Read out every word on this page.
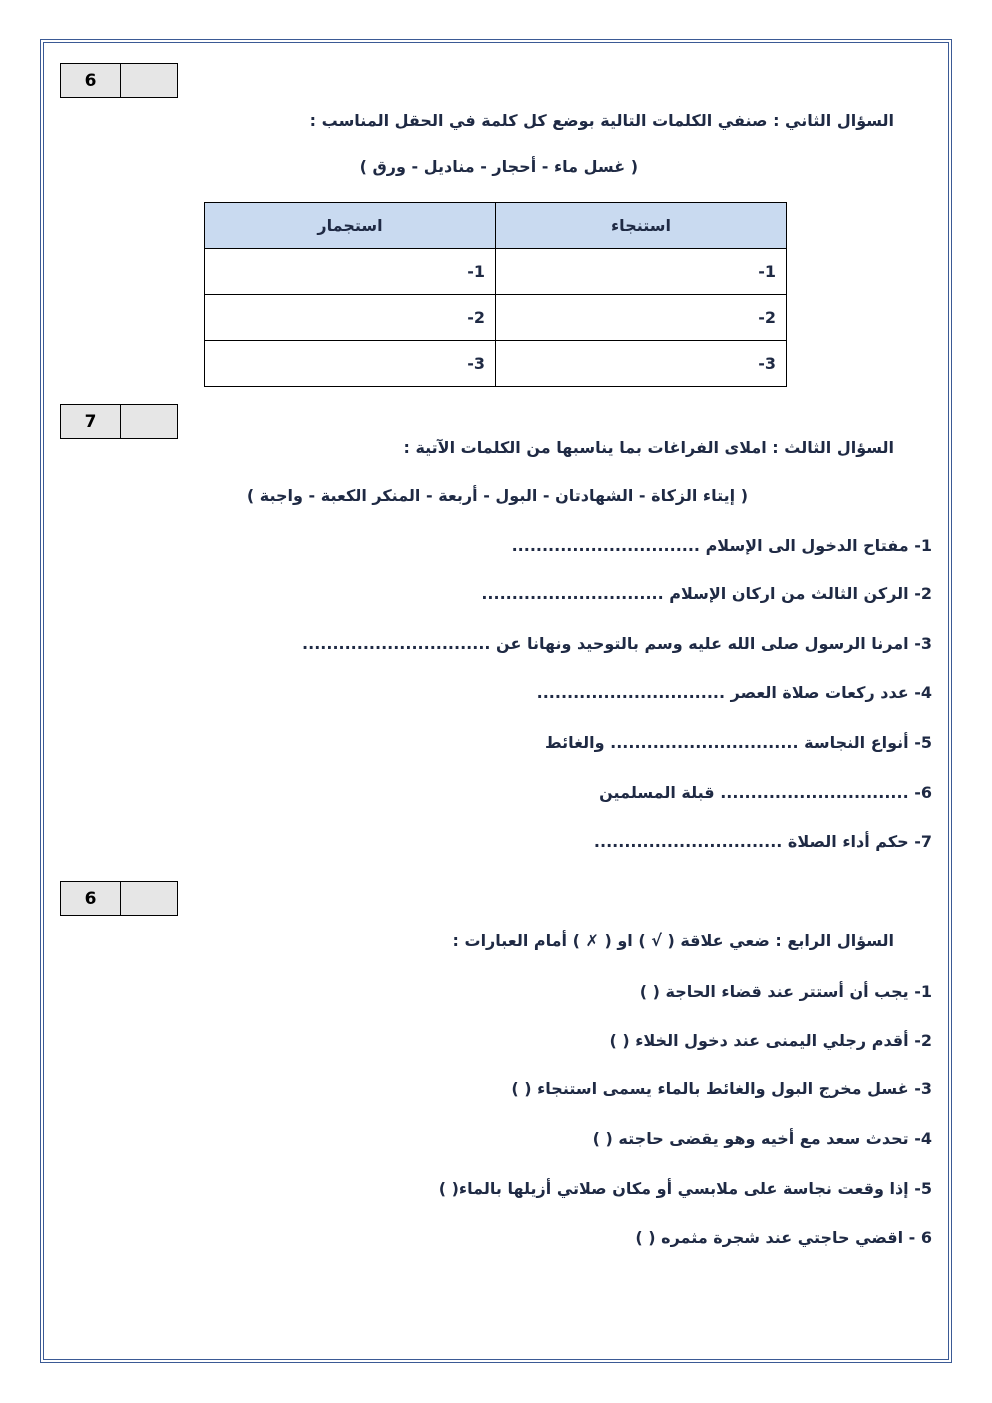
6
السؤال الثاني : صنفي الكلمات التالية بوضع كل كلمة في الحقل المناسب :
( غسل ماء - أحجار - مناديل - ورق )
استنجاء	استجمار
1-	1-
2-	2-
3-	3-
7
السؤال الثالث : املاى الفراغات بما يناسبها من الكلمات الآتية :
( إيتاء الزكاة - الشهادتان - البول - أربعة - المنكر الكعبة - واجبة )
1- مفتاح الدخول الى الإسلام ...............................
2- الركن الثالث من اركان الإسلام ..............................
3- امرنا الرسول صلى الله عليه وسم بالتوحيد ونهانا عن ...............................
4- عدد ركعات صلاة العصر ...............................
5- أنواع النجاسة ............................... والغائط
6- ............................... قبلة المسلمين
7- حكم أداء الصلاة ...............................
6
السؤال الرابع : ضعي علاقة ( √ ) او ( ✗ ) أمام العبارات :
1- يجب أن أستتر عند قضاء الحاجة ( )
2- أقدم رجلي اليمنى عند دخول الخلاء ( )
3- غسل مخرج البول والغائط بالماء يسمى استنجاء ( )
4- تحدث سعد مع أخيه وهو يقضى حاجته ( )
5- إذا وقعت نجاسة على ملابسي أو مكان صلاتي أزيلها بالماء( )
6 - اقضي حاجتي عند شجرة مثمره ( )
